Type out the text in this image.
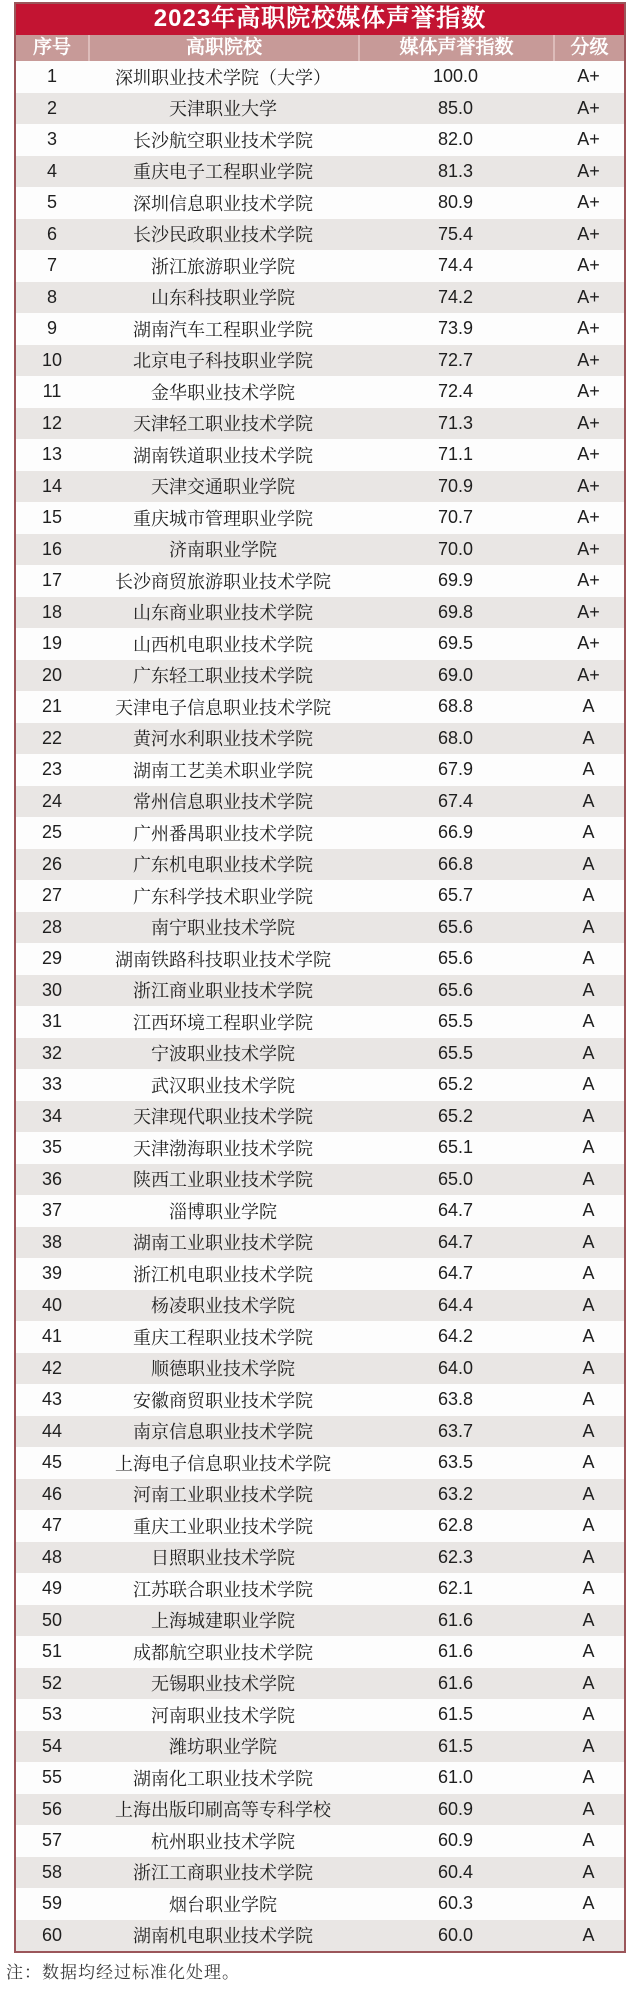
2023年高职院校媒体声誉指数
序号	高职院校	媒体声誉指数	分级
1	深圳职业技术学院（大学）	100.0	A+
2	天津职业大学	85.0	A+
3	长沙航空职业技术学院	82.0	A+
4	重庆电子工程职业学院	81.3	A+
5	深圳信息职业技术学院	80.9	A+
6	长沙民政职业技术学院	75.4	A+
7	浙江旅游职业学院	74.4	A+
8	山东科技职业学院	74.2	A+
9	湖南汽车工程职业学院	73.9	A+
10	北京电子科技职业学院	72.7	A+
11	金华职业技术学院	72.4	A+
12	天津轻工职业技术学院	71.3	A+
13	湖南铁道职业技术学院	71.1	A+
14	天津交通职业学院	70.9	A+
15	重庆城市管理职业学院	70.7	A+
16	济南职业学院	70.0	A+
17	长沙商贸旅游职业技术学院	69.9	A+
18	山东商业职业技术学院	69.8	A+
19	山西机电职业技术学院	69.5	A+
20	广东轻工职业技术学院	69.0	A+
21	天津电子信息职业技术学院	68.8	A
22	黄河水利职业技术学院	68.0	A
23	湖南工艺美术职业学院	67.9	A
24	常州信息职业技术学院	67.4	A
25	广州番禺职业技术学院	66.9	A
26	广东机电职业技术学院	66.8	A
27	广东科学技术职业学院	65.7	A
28	南宁职业技术学院	65.6	A
29	湖南铁路科技职业技术学院	65.6	A
30	浙江商业职业技术学院	65.6	A
31	江西环境工程职业学院	65.5	A
32	宁波职业技术学院	65.5	A
33	武汉职业技术学院	65.2	A
34	天津现代职业技术学院	65.2	A
35	天津渤海职业技术学院	65.1	A
36	陕西工业职业技术学院	65.0	A
37	淄博职业学院	64.7	A
38	湖南工业职业技术学院	64.7	A
39	浙江机电职业技术学院	64.7	A
40	杨凌职业技术学院	64.4	A
41	重庆工程职业技术学院	64.2	A
42	顺德职业技术学院	64.0	A
43	安徽商贸职业技术学院	63.8	A
44	南京信息职业技术学院	63.7	A
45	上海电子信息职业技术学院	63.5	A
46	河南工业职业技术学院	63.2	A
47	重庆工业职业技术学院	62.8	A
48	日照职业技术学院	62.3	A
49	江苏联合职业技术学院	62.1	A
50	上海城建职业学院	61.6	A
51	成都航空职业技术学院	61.6	A
52	无锡职业技术学院	61.6	A
53	河南职业技术学院	61.5	A
54	潍坊职业学院	61.5	A
55	湖南化工职业技术学院	61.0	A
56	上海出版印刷高等专科学校	60.9	A
57	杭州职业技术学院	60.9	A
58	浙江工商职业技术学院	60.4	A
59	烟台职业学院	60.3	A
60	湖南机电职业技术学院	60.0	A
注：数据均经过标准化处理。
